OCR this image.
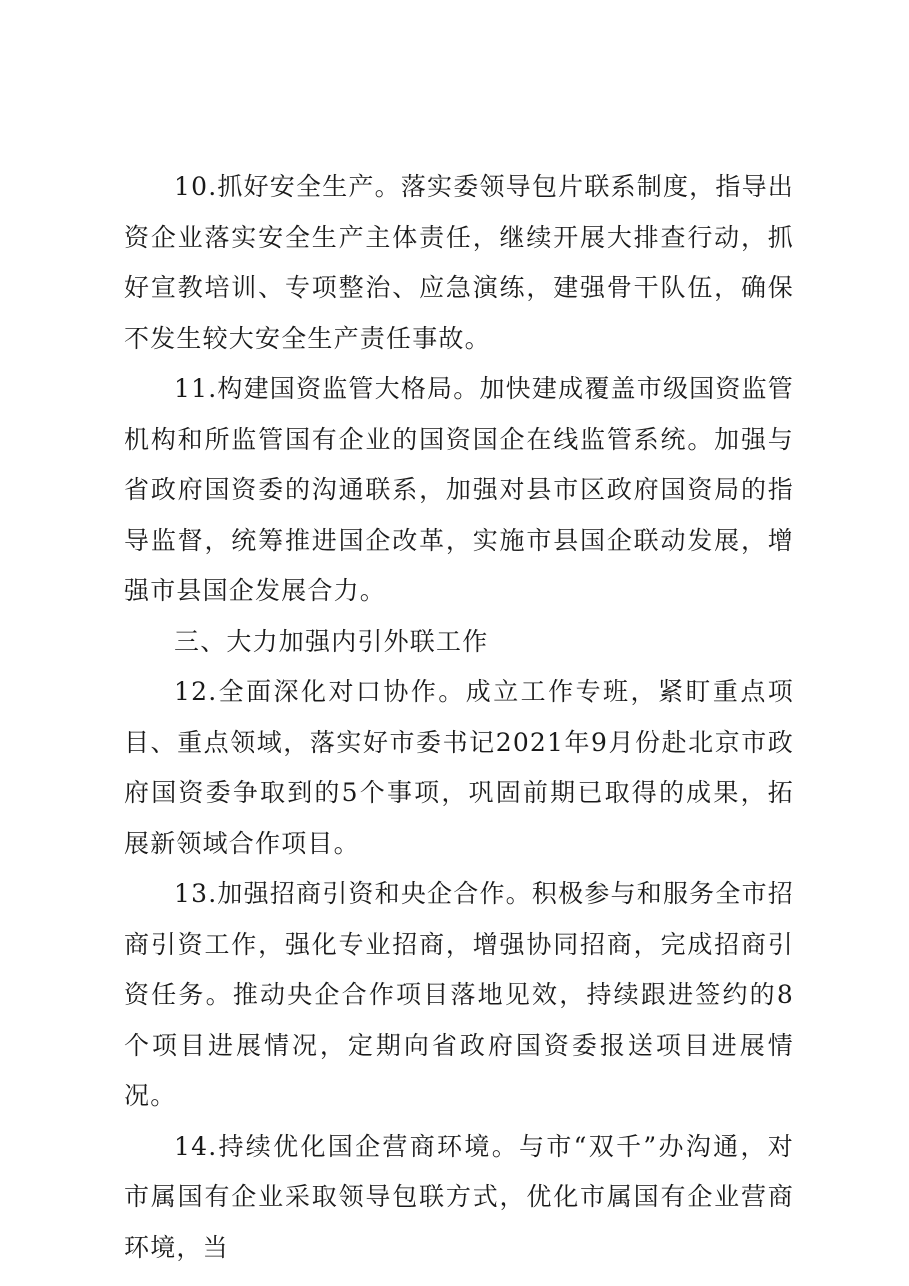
10.抓好安全生产。落实委领导包片联系制度，指导出资企业落实安全生产主体责任，继续开展大排查行动，抓好宣教培训、专项整治、应急演练，建强骨干队伍，确保不发生较大安全生产责任事故。

11.构建国资监管大格局。加快建成覆盖市级国资监管机构和所监管国有企业的国资国企在线监管系统。加强与省政府国资委的沟通联系，加强对县市区政府国资局的指导监督，统筹推进国企改革，实施市县国企联动发展，增强市县国企发展合力。

三、大力加强内引外联工作

12.全面深化对口协作。成立工作专班，紧盯重点项目、重点领域，落实好市委书记2021年9月份赴北京市政府国资委争取到的5个事项，巩固前期已取得的成果，拓展新领域合作项目。

13.加强招商引资和央企合作。积极参与和服务全市招商引资工作，强化专业招商，增强协同招商，完成招商引资任务。推动央企合作项目落地见效，持续跟进签约的8个项目进展情况，定期向省政府国资委报送项目进展情况。

14.持续优化国企营商环境。与市“双千”办沟通，对市属国有企业采取领导包联方式，优化市属国有企业营商环境，当
